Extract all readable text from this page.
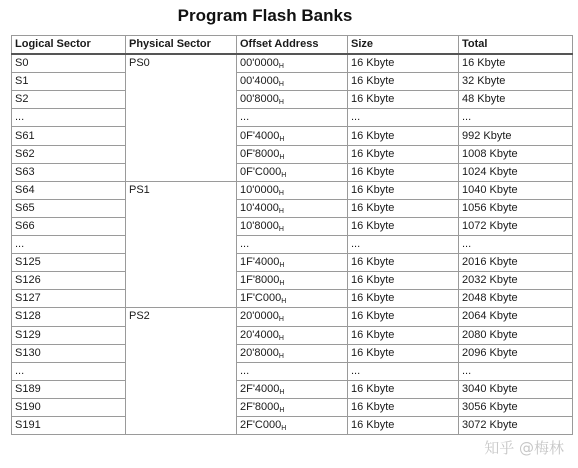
Program Flash Banks
Logical Sector	Physical Sector	Offset Address	Size	Total
S0	PS0	$00'0000_H$	16 Kbyte	16 Kbyte
S1		$00'4000_H$	16 Kbyte	32 Kbyte
S2		$00'8000_H$	16 Kbyte	48 Kbyte
...		...	...	...
S61		$0F'4000_H$	16 Kbyte	992 Kbyte
S62		$0F'8000_H$	16 Kbyte	1008 Kbyte
S63		$0F'C000_H$	16 Kbyte	1024 Kbyte
S64	PS1	$10'0000_H$	16 Kbyte	1040 Kbyte
S65		$10'4000_H$	16 Kbyte	1056 Kbyte
S66		$10'8000_H$	16 Kbyte	1072 Kbyte
...		...	...	...
S125		$1F'4000_H$	16 Kbyte	2016 Kbyte
S126		$1F'8000_H$	16 Kbyte	2032 Kbyte
S127		$1F'C000_H$	16 Kbyte	2048 Kbyte
S128	PS2	$20'0000_H$	16 Kbyte	2064 Kbyte
S129		$20'4000_H$	16 Kbyte	2080 Kbyte
S130		$20'8000_H$	16 Kbyte	2096 Kbyte
...		...	...	...
S189		$2F'4000_H$	16 Kbyte	3040 Kbyte
S190		$2F'8000_H$	16 Kbyte	3056 Kbyte
S191		$2F'C000_H$	16 Kbyte	3072 Kbyte
知乎 @梅林
